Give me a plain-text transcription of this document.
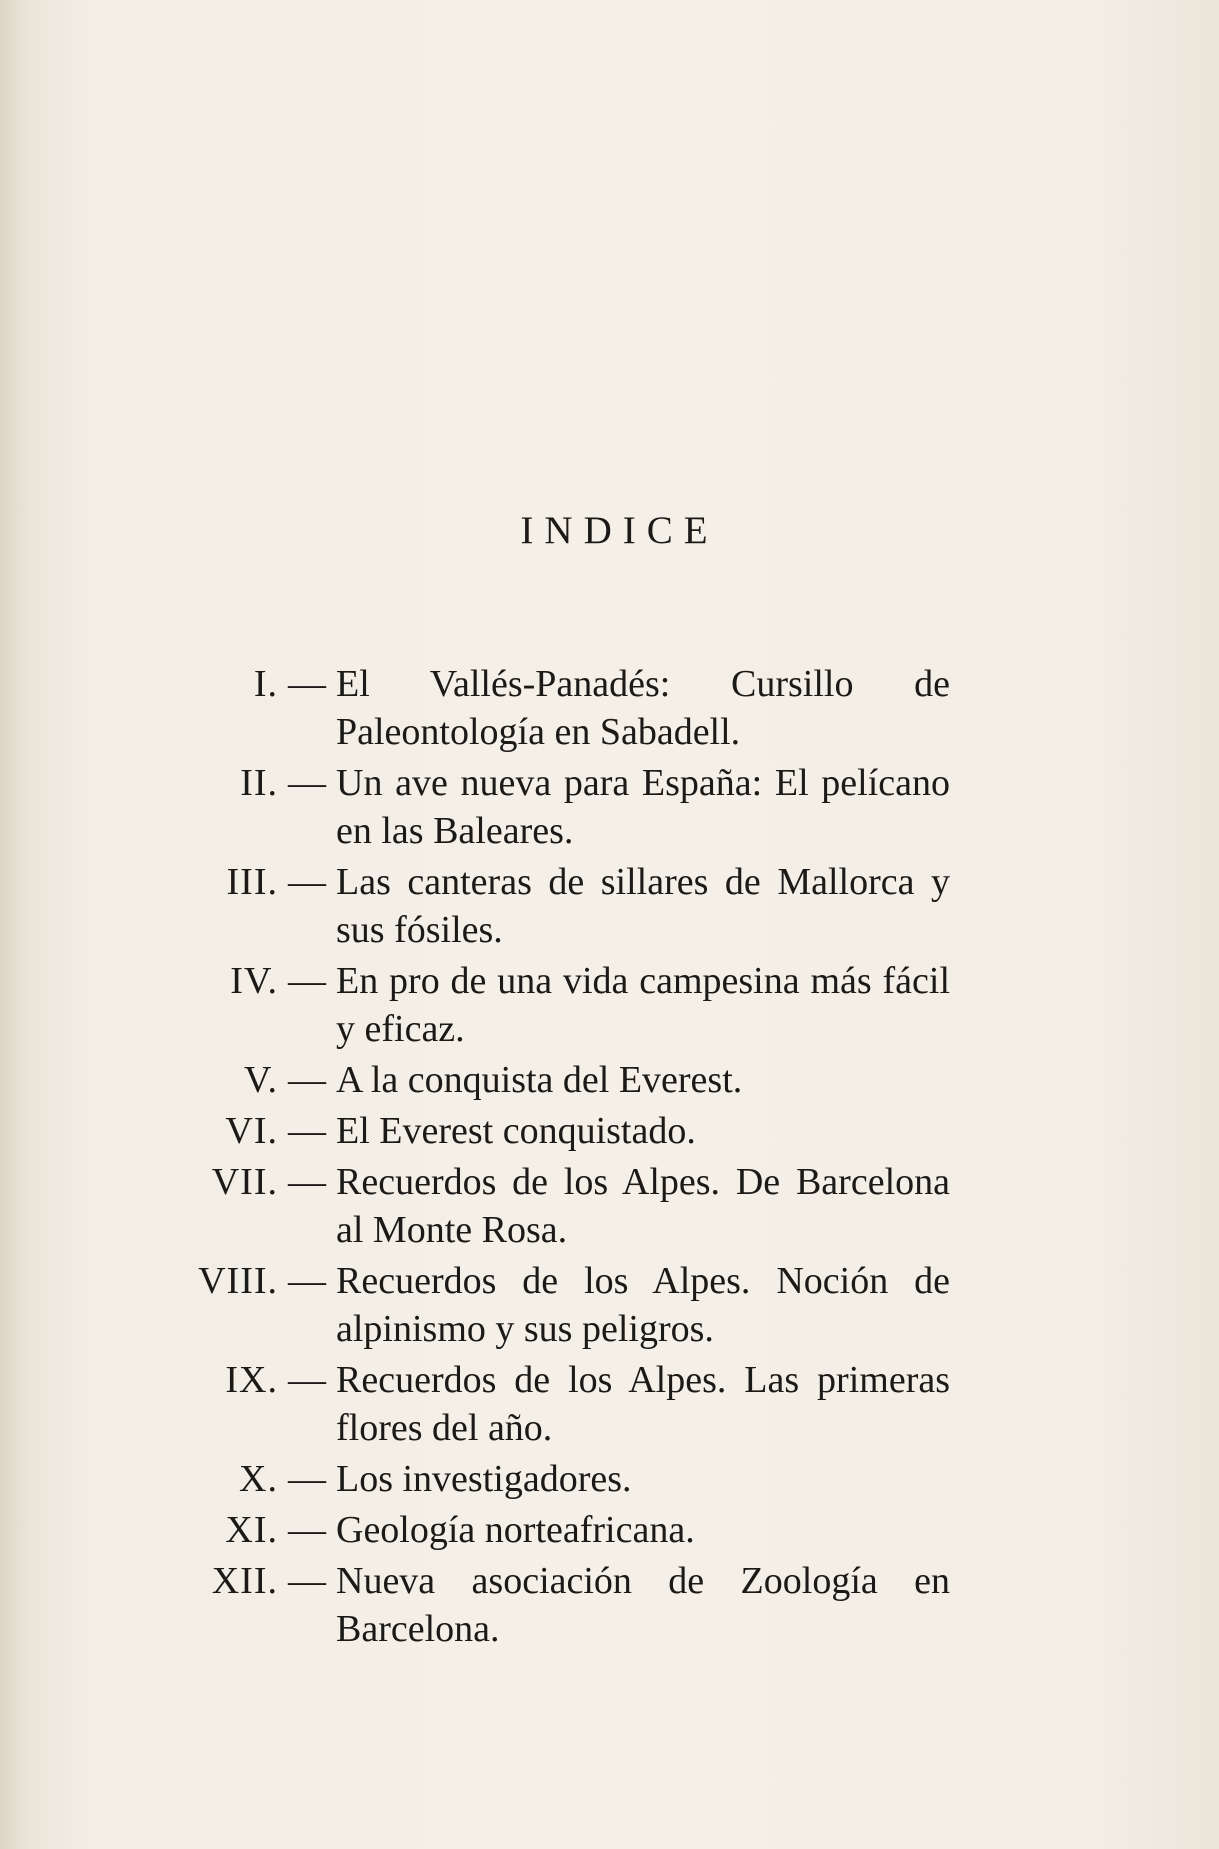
INDICE
I. — El Vallés-Panadés: Cursillo de Paleontología en Sabadell.
II. — Un ave nueva para España: El pelícano en las Baleares.
III. — Las canteras de sillares de Mallorca y sus fósiles.
IV. — En pro de una vida campesina más fácil y eficaz.
V. — A la conquista del Everest.
VI. — El Everest conquistado.
VII. — Recuerdos de los Alpes. De Barcelona al Monte Rosa.
VIII. — Recuerdos de los Alpes. Noción de alpinismo y sus peligros.
IX. — Recuerdos de los Alpes. Las primeras flores del año.
X. — Los investigadores.
XI. — Geología norteafricana.
XII. — Nueva asociación de Zoología en Barcelona.
